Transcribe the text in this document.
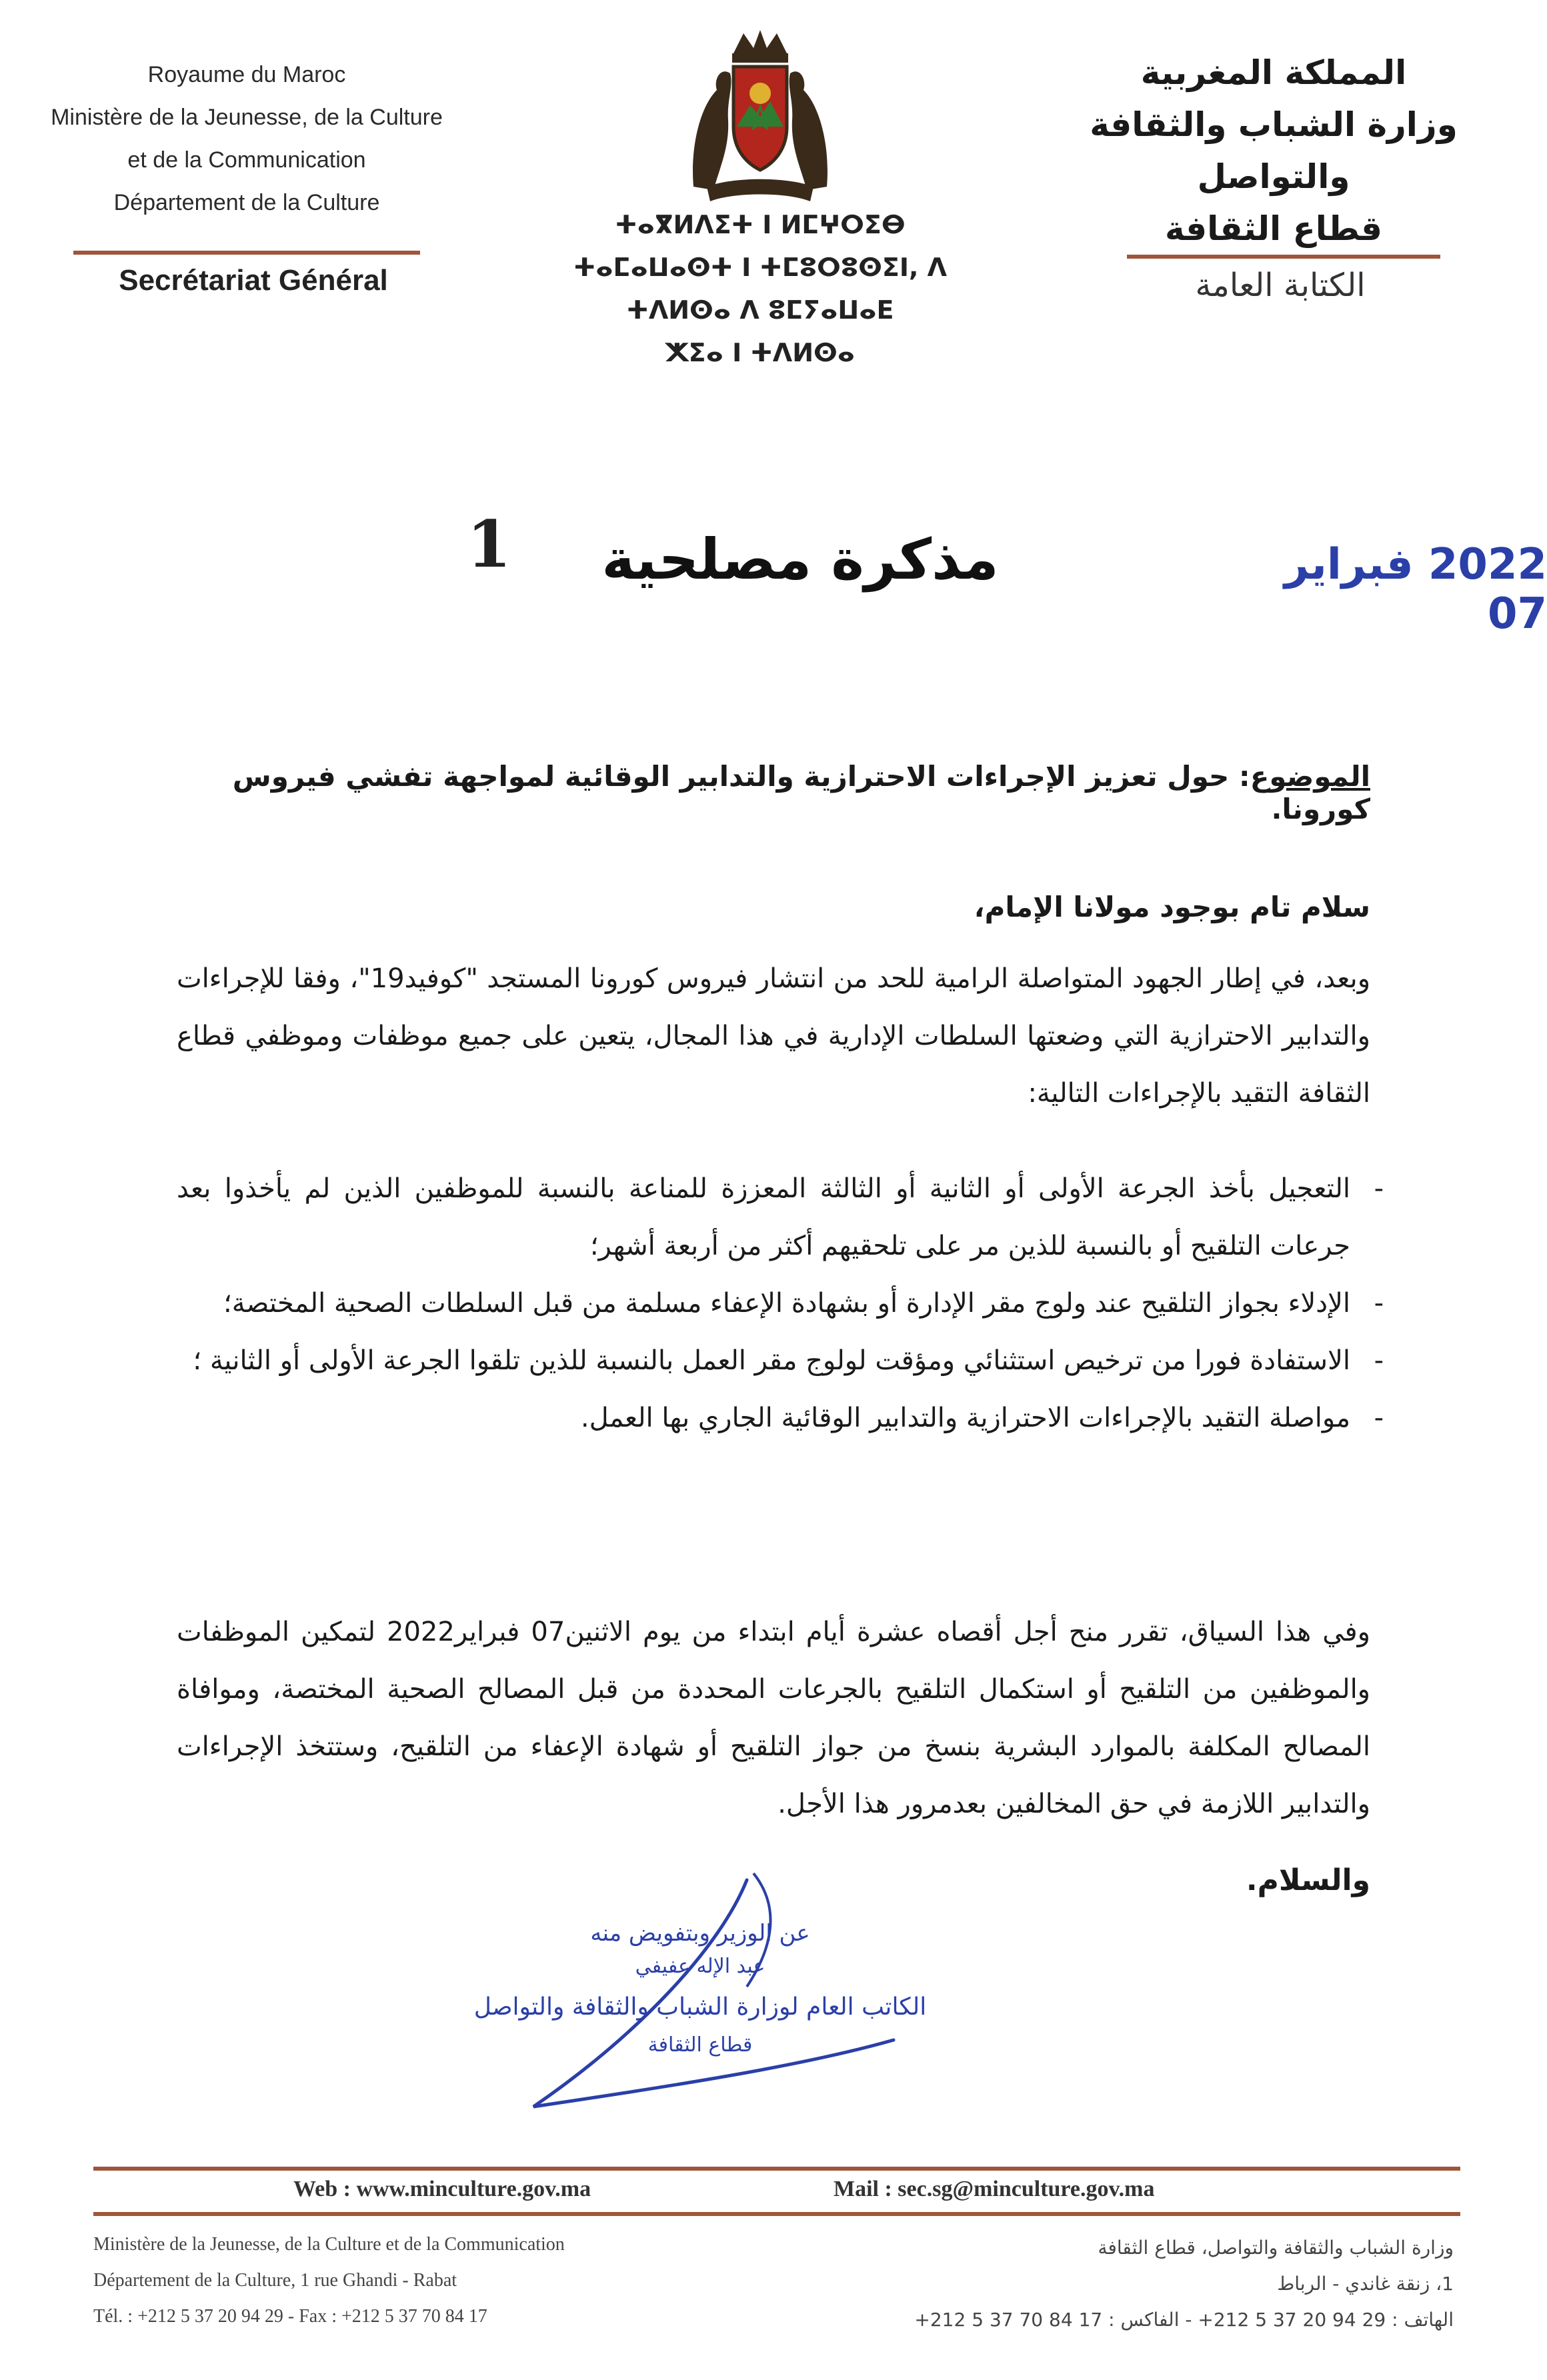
Royaume du Maroc
Ministère de la Jeunesse, de la Culture
et de la Communication
Département de la Culture
Secrétariat Général
ⵜⴰⴳⵍⴷⵉⵜ ⵏ ⵍⵎⵖⵔⵉⴱ
ⵜⴰⵎⴰⵡⴰⵙⵜ ⵏ ⵜⵎⵓⵔⵓⵙⵉⵏ, ⴷ ⵜⴷⵍⵙⴰ ⴷ ⵓⵎⵢⴰⵡⴰⴹ
ⵅⵉⴰ ⵏ ⵜⴷⵍⵙⴰ
المملكة المغربية
وزارة الشباب والثقافة
والتواصل
قطاع الثقافة
الكتابة العامة
1 مذكرة مصلحية	2022 فبراير 07
الموضوع: حول تعزيز الإجراءات الاحترازية والتدابير الوقائية لمواجهة تفشي فيروس كورونا.
سلام تام بوجود مولانا الإمام،
وبعد، في إطار الجهود المتواصلة الرامية للحد من انتشار فيروس كورونا المستجد "كوفيد19"، وفقا للإجراءات والتدابير الاحترازية التي وضعتها السلطات الإدارية في هذا المجال، يتعين على جميع موظفات وموظفي قطاع الثقافة التقيد بالإجراءات التالية:
- التعجيل بأخذ الجرعة الأولى أو الثانية أو الثالثة المعززة للمناعة بالنسبة للموظفين الذين لم يأخذوا بعد جرعات التلقيح أو بالنسبة للذين مر على تلحقيهم أكثر من أربعة أشهر؛
- الإدلاء بجواز التلقيح عند ولوج مقر الإدارة أو بشهادة الإعفاء مسلمة من قبل السلطات الصحية المختصة؛
- الاستفادة فورا من ترخيص استثنائي ومؤقت لولوج مقر العمل بالنسبة للذين تلقوا الجرعة الأولى أو الثانية ؛
- مواصلة التقيد بالإجراءات الاحترازية والتدابير الوقائية الجاري بها العمل.
وفي هذا السياق، تقرر منح أجل أقصاه عشرة أيام ابتداء من يوم الاثنين07 فبراير2022 لتمكين الموظفات والموظفين من التلقيح أو استكمال التلقيح بالجرعات المحددة من قبل المصالح الصحية المختصة، وموافاة المصالح المكلفة بالموارد البشرية بنسخ من جواز التلقيح أو شهادة الإعفاء من التلقيح، وستتخذ الإجراءات والتدابير اللازمة في حق المخالفين بعدمرور هذا الأجل.
والسلام.
عن الوزير وبتفويض منه
عبد الإله عفيفي
الكاتب العام لوزارة الشباب والثقافة والتواصل
قطاع الثقافة
Web : www.minculture.gov.ma	Mail : sec.sg@minculture.gov.ma
Ministère de la Jeunesse, de la Culture et de la Communication
Département de la Culture, 1 rue Ghandi - Rabat
Tél. : +212 5 37 20 94 29 - Fax : +212 5 37 70 84 17
وزارة الشباب والثقافة والتواصل، قطاع الثقافة
1، زنقة غاندي - الرباط
الهاتف : 29 94 20 37 5 212+ - الفاكس : 17 84 70 37 5 212+
